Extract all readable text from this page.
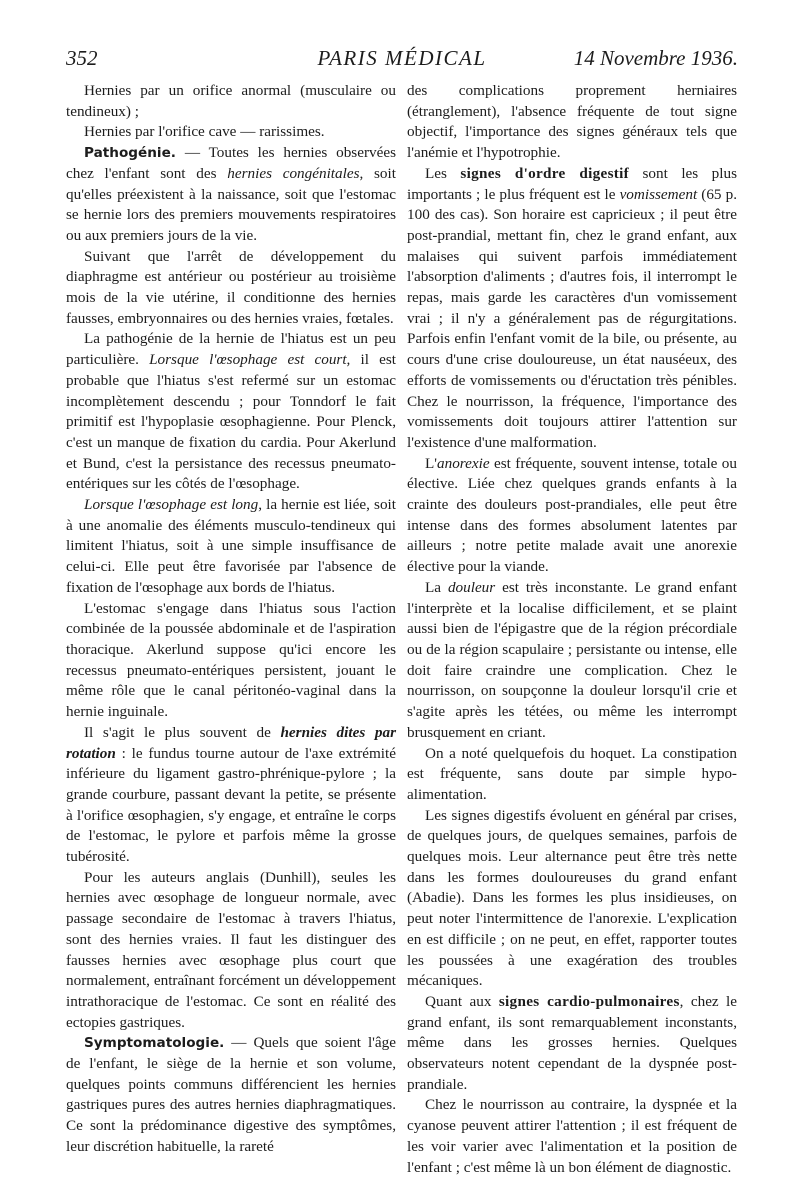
352	PARIS MÉDICAL	14 Novembre 1936.

Hernies par un orifice anormal (musculaire ou tendineux) ;

Hernies par l'orifice cave — rarissimes.

Pathogénie. — Toutes les hernies observées chez l'enfant sont des hernies congénitales, soit qu'elles préexistent à la naissance, soit que l'estomac se hernie lors des premiers mouvements respiratoires ou aux premiers jours de la vie.

Suivant que l'arrêt de développement du diaphragme est antérieur ou postérieur au troisième mois de la vie utérine, il conditionne des hernies fausses, embryonnaires ou des hernies vraies, fœtales.

La pathogénie de la hernie de l'hiatus est un peu particulière. Lorsque l'œsophage est court, il est probable que l'hiatus s'est refermé sur un estomac incomplètement descendu ; pour Tonndorf le fait primitif est l'hypoplasie œsophagienne. Pour Plenck, c'est un manque de fixation du cardia. Pour Akerlund et Bund, c'est la persistance des recessus pneumato-entériques sur les côtés de l'œsophage.

Lorsque l'œsophage est long, la hernie est liée, soit à une anomalie des éléments musculo-tendineux qui limitent l'hiatus, soit à une simple insuffisance de celui-ci. Elle peut être favorisée par l'absence de fixation de l'œsophage aux bords de l'hiatus.

L'estomac s'engage dans l'hiatus sous l'action combinée de la poussée abdominale et de l'aspiration thoracique. Akerlund suppose qu'ici encore les recessus pneumato-entériques persistent, jouant le même rôle que le canal péritonéo-vaginal dans la hernie inguinale.

Il s'agit le plus souvent de hernies dites par rotation : le fundus tourne autour de l'axe extrémité inférieure du ligament gastro-phrénique-pylore ; la grande courbure, passant devant la petite, se présente à l'orifice œsophagien, s'y engage, et entraîne le corps de l'estomac, le pylore et parfois même la grosse tubérosité.

Pour les auteurs anglais (Dunhill), seules les hernies avec œsophage de longueur normale, avec passage secondaire de l'estomac à travers l'hiatus, sont des hernies vraies. Il faut les distinguer des fausses hernies avec œsophage plus court que normalement, entraînant forcément un développement intrathoracique de l'estomac. Ce sont en réalité des ectopies gastriques.

Symptomatologie. — Quels que soient l'âge de l'enfant, le siège de la hernie et son volume, quelques points communs différencient les hernies gastriques pures des autres hernies diaphragmatiques. Ce sont la prédominance digestive des symptômes, leur discrétion habituelle, la rareté

des complications proprement herniaires (étranglement), l'absence fréquente de tout signe objectif, l'importance des signes généraux tels que l'anémie et l'hypotrophie.

Les signes d'ordre digestif sont les plus importants ; le plus fréquent est le vomissement (65 p. 100 des cas). Son horaire est capricieux ; il peut être post-prandial, mettant fin, chez le grand enfant, aux malaises qui suivent parfois immédiatement l'absorption d'aliments ; d'autres fois, il interrompt le repas, mais garde les caractères d'un vomissement vrai ; il n'y a généralement pas de régurgitations. Parfois enfin l'enfant vomit de la bile, ou présente, au cours d'une crise douloureuse, un état nauséeux, des efforts de vomissements ou d'éructation très pénibles. Chez le nourrisson, la fréquence, l'importance des vomissements doit toujours attirer l'attention sur l'existence d'une malformation.

L'anorexie est fréquente, souvent intense, totale ou élective. Liée chez quelques grands enfants à la crainte des douleurs post-prandiales, elle peut être intense dans des formes absolument latentes par ailleurs ; notre petite malade avait une anorexie élective pour la viande.

La douleur est très inconstante. Le grand enfant l'interprète et la localise difficilement, et se plaint aussi bien de l'épigastre que de la région précordiale ou de la région scapulaire ; persistante ou intense, elle doit faire craindre une complication. Chez le nourrisson, on soupçonne la douleur lorsqu'il crie et s'agite après les tétées, ou même les interrompt brusquement en criant.

On a noté quelquefois du hoquet. La constipation est fréquente, sans doute par simple hypo-alimentation.

Les signes digestifs évoluent en général par crises, de quelques jours, de quelques semaines, parfois de quelques mois. Leur alternance peut être très nette dans les formes douloureuses du grand enfant (Abadie). Dans les formes les plus insidieuses, on peut noter l'intermittence de l'anorexie. L'explication en est difficile ; on ne peut, en effet, rapporter toutes les poussées à une exagération des troubles mécaniques.

Quant aux signes cardio-pulmonaires, chez le grand enfant, ils sont remarquablement inconstants, même dans les grosses hernies. Quelques observateurs notent cependant de la dyspnée post-prandiale.

Chez le nourrisson au contraire, la dyspnée et la cyanose peuvent attirer l'attention ; il est fréquent de les voir varier avec l'alimentation et la position de l'enfant ; c'est même là un bon élément de diagnostic.
